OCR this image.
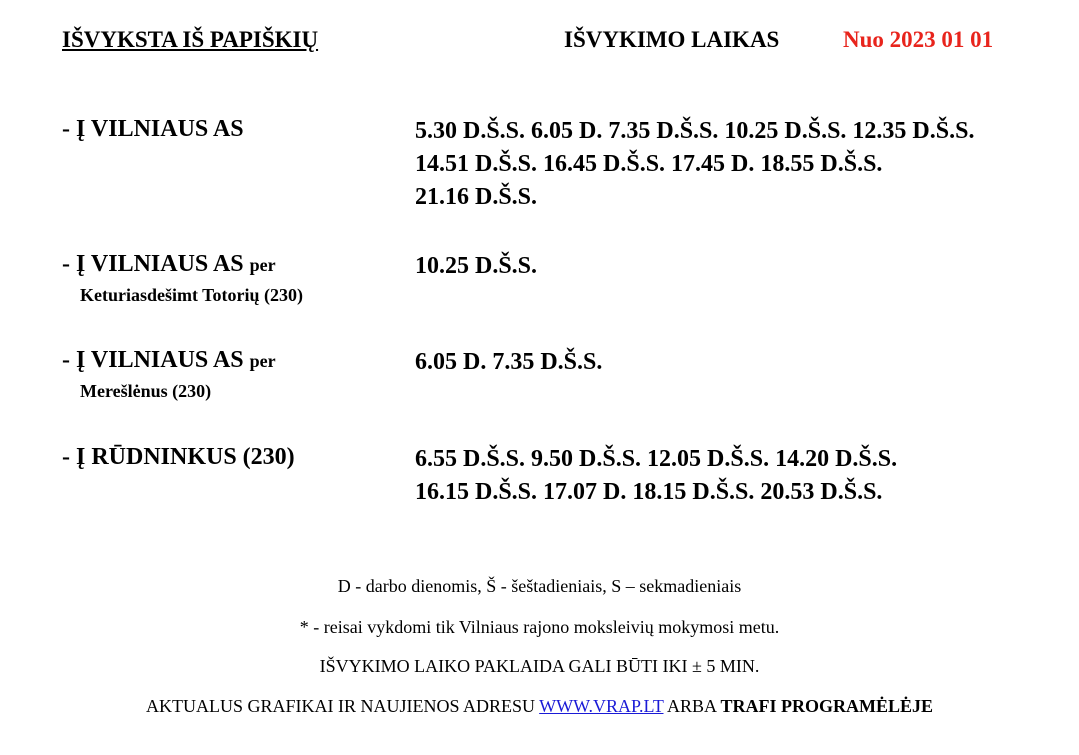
IŠVYKSTA IŠ PAPIŠKIŲ	IŠVYKIMO LAIKAS	Nuo 2023 01 01
- Į VILNIAUS AS	5.30 D.Š.S. 6.05 D. 7.35 D.Š.S. 10.25 D.Š.S. 12.35 D.Š.S.
14.51 D.Š.S. 16.45 D.Š.S. 17.45 D. 18.55 D.Š.S.
21.16 D.Š.S.
- Į VILNIAUS AS per
Keturiasdešimt Totorių (230)
10.25 D.Š.S.
- Į VILNIAUS AS per
Merešlėnus (230)
6.05 D. 7.35 D.Š.S.
- Į RŪDNINKUS (230)	6.55 D.Š.S. 9.50 D.Š.S. 12.05 D.Š.S. 14.20 D.Š.S.
16.15 D.Š.S. 17.07 D. 18.15 D.Š.S. 20.53 D.Š.S.
D - darbo dienomis, Š - šeštadieniais, S – sekmadieniais
* - reisai vykdomi tik Vilniaus rajono moksleivių mokymosi metu.
IŠVYKIMO LAIKO PAKLAIDA GALI BŪTI IKI ± 5 MIN.
AKTUALUS GRAFIKAI IR NAUJIENOS ADRESU WWW.VRAP.LT ARBA TRAFI PROGRAMĖLĖJE
